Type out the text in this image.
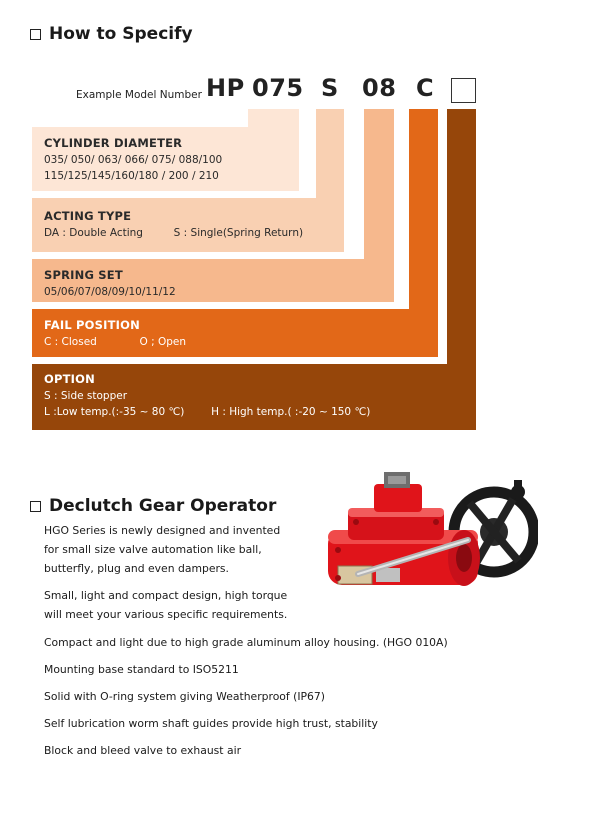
How to Specify
Example Model Number HP 075 S 08 C
CYLINDER DIAMETER
035/ 050/ 063/ 066/ 075/ 088/100
115/125/145/160/180 / 200 / 210
ACTING TYPE
DA : Double Acting	S : Single(Spring Return)
SPRING SET
05/06/07/08/09/10/11/12
FAIL POSITION
C : Closed	O ; Open
OPTION
S : Side stopper
L :Low temp.(:-35 ~ 80 ℃)	H : High temp.( :-20 ~ 150 ℃)
Declutch Gear Operator
HGO Series is newly designed and invented
for small size valve automation like ball,
butterfly, plug and even dampers.
Small, light and compact design, high torque
will meet your various specific requirements.
Compact and light due to high grade aluminum alloy housing. (HGO 010A)
Mounting base standard to ISO5211
Solid with O-ring system giving Weatherproof (IP67)
Self lubrication worm shaft guides provide high trust, stability
Block and bleed valve to exhaust air
